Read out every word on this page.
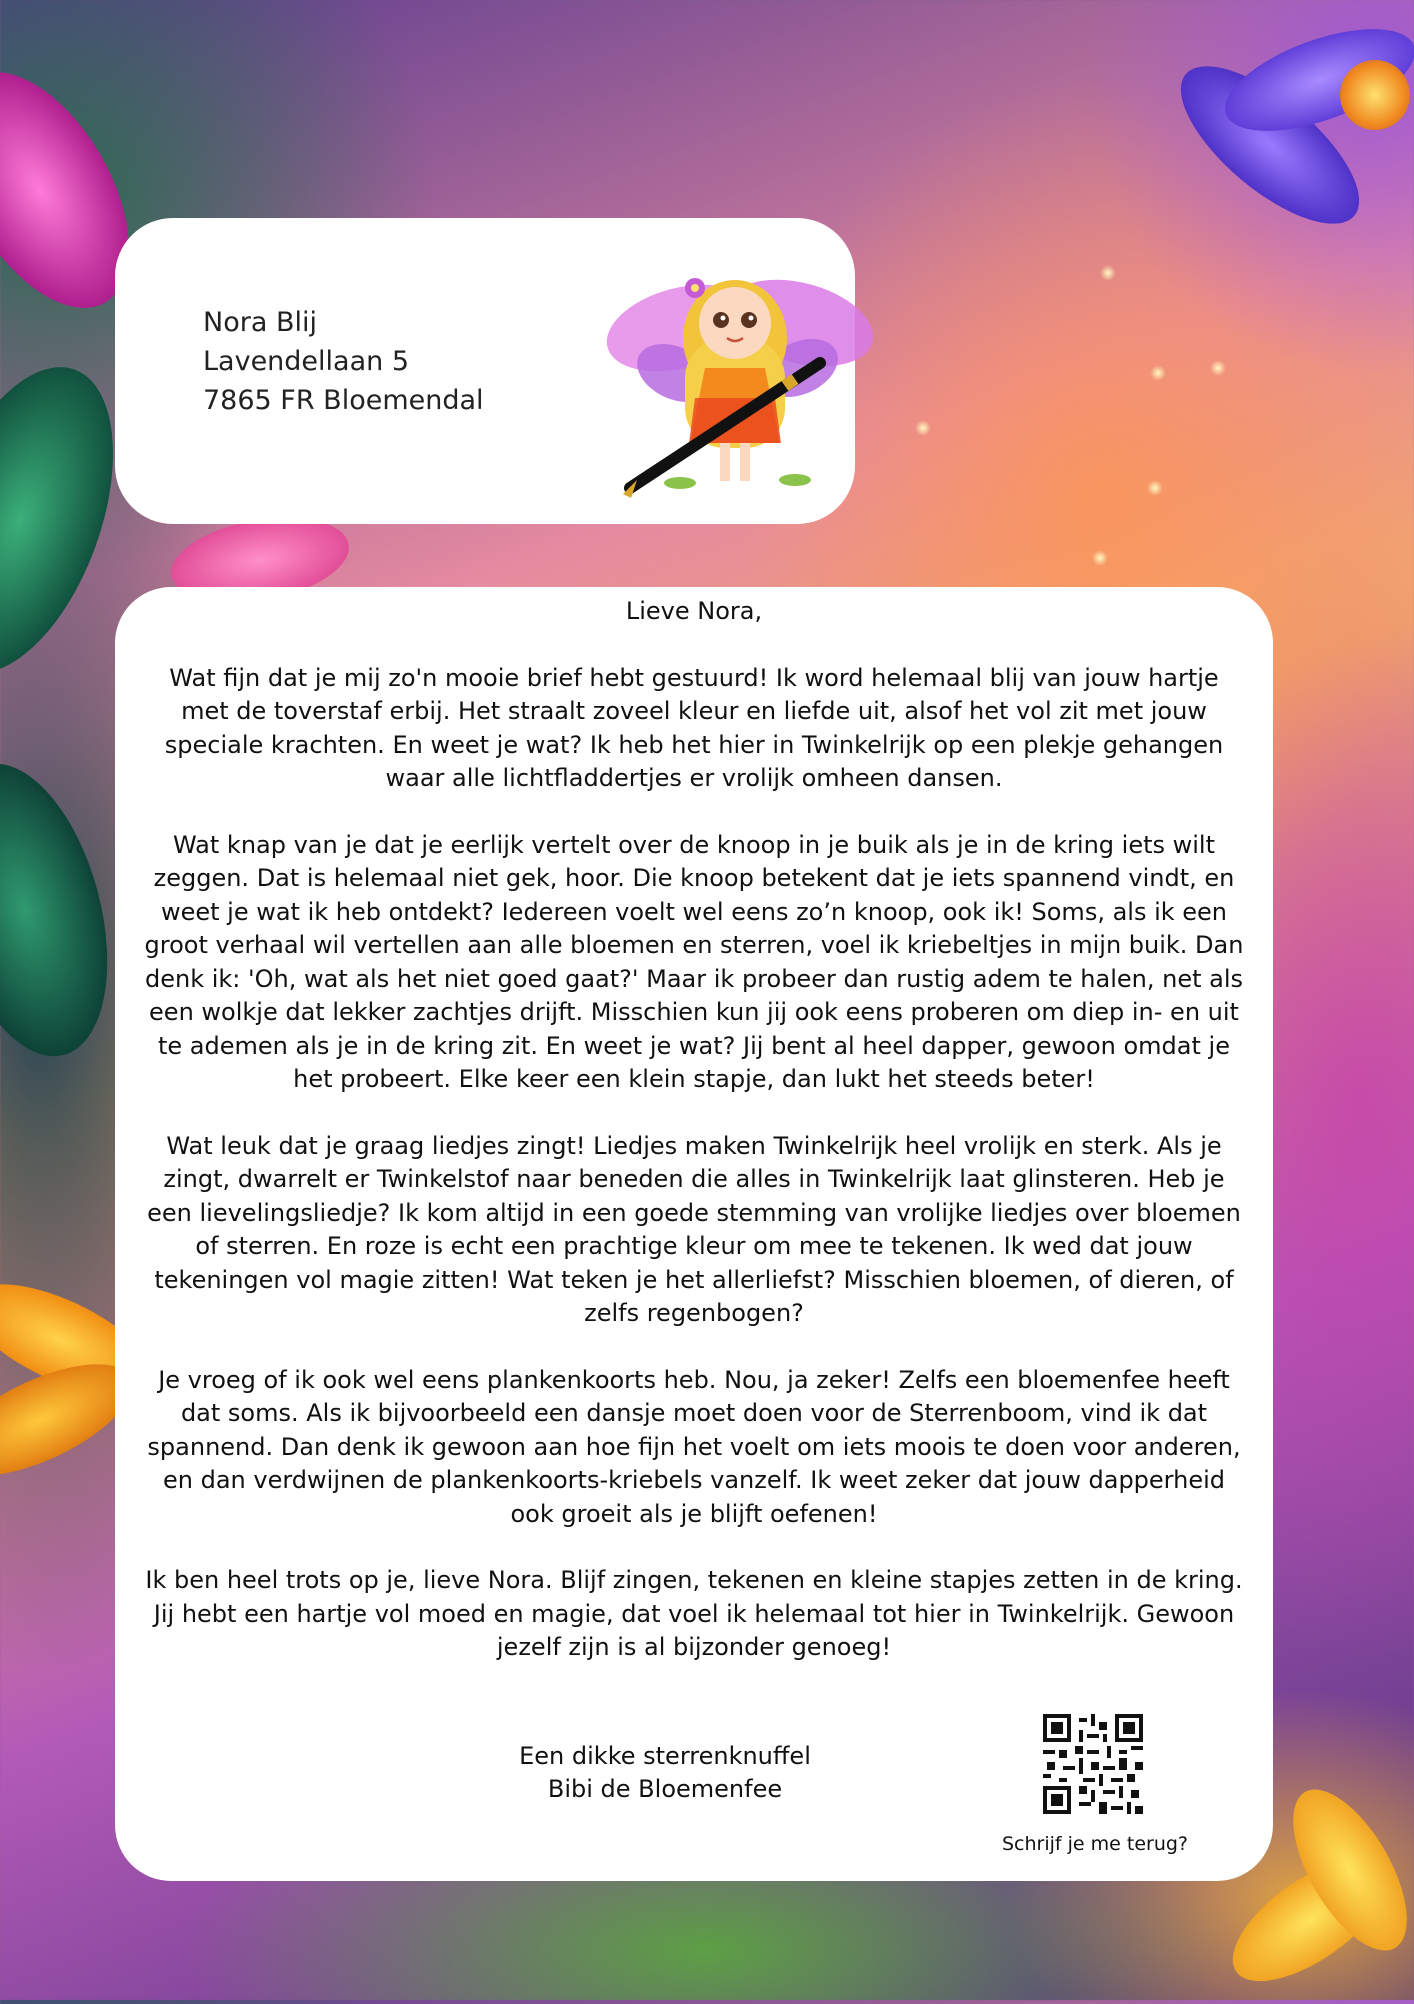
Nora Blij
Lavendellaan 5
7865 FR Bloemendal

Lieve Nora,

Wat fijn dat je mij zo'n mooie brief hebt gestuurd! Ik word helemaal blij van jouw hartje met de toverstaf erbij. Het straalt zoveel kleur en liefde uit, alsof het vol zit met jouw speciale krachten. En weet je wat? Ik heb het hier in Twinkelrijk op een plekje gehangen waar alle lichtfladdertjes er vrolijk omheen dansen.

Wat knap van je dat je eerlijk vertelt over de knoop in je buik als je in de kring iets wilt zeggen. Dat is helemaal niet gek, hoor. Die knoop betekent dat je iets spannend vindt, en weet je wat ik heb ontdekt? Iedereen voelt wel eens zo’n knoop, ook ik! Soms, als ik een groot verhaal wil vertellen aan alle bloemen en sterren, voel ik kriebeltjes in mijn buik. Dan denk ik: 'Oh, wat als het niet goed gaat?' Maar ik probeer dan rustig adem te halen, net als een wolkje dat lekker zachtjes drijft. Misschien kun jij ook eens proberen om diep in- en uit te ademen als je in de kring zit. En weet je wat? Jij bent al heel dapper, gewoon omdat je het probeert. Elke keer een klein stapje, dan lukt het steeds beter!

Wat leuk dat je graag liedjes zingt! Liedjes maken Twinkelrijk heel vrolijk en sterk. Als je zingt, dwarrelt er Twinkelstof naar beneden die alles in Twinkelrijk laat glinsteren. Heb je een lievelingsliedje? Ik kom altijd in een goede stemming van vrolijke liedjes over bloemen of sterren. En roze is echt een prachtige kleur om mee te tekenen. Ik wed dat jouw tekeningen vol magie zitten! Wat teken je het allerliefst? Misschien bloemen, of dieren, of zelfs regenbogen?

Je vroeg of ik ook wel eens plankenkoorts heb. Nou, ja zeker! Zelfs een bloemenfee heeft dat soms. Als ik bijvoorbeeld een dansje moet doen voor de Sterrenboom, vind ik dat spannend. Dan denk ik gewoon aan hoe fijn het voelt om iets moois te doen voor anderen, en dan verdwijnen de plankenkoorts-kriebels vanzelf. Ik weet zeker dat jouw dapperheid ook groeit als je blijft oefenen!

Ik ben heel trots op je, lieve Nora. Blijf zingen, tekenen en kleine stapjes zetten in de kring. Jij hebt een hartje vol moed en magie, dat voel ik helemaal tot hier in Twinkelrijk. Gewoon jezelf zijn is al bijzonder genoeg!

Een dikke sterrenknuffel
Bibi de Bloemenfee
Schrijf je me terug?
